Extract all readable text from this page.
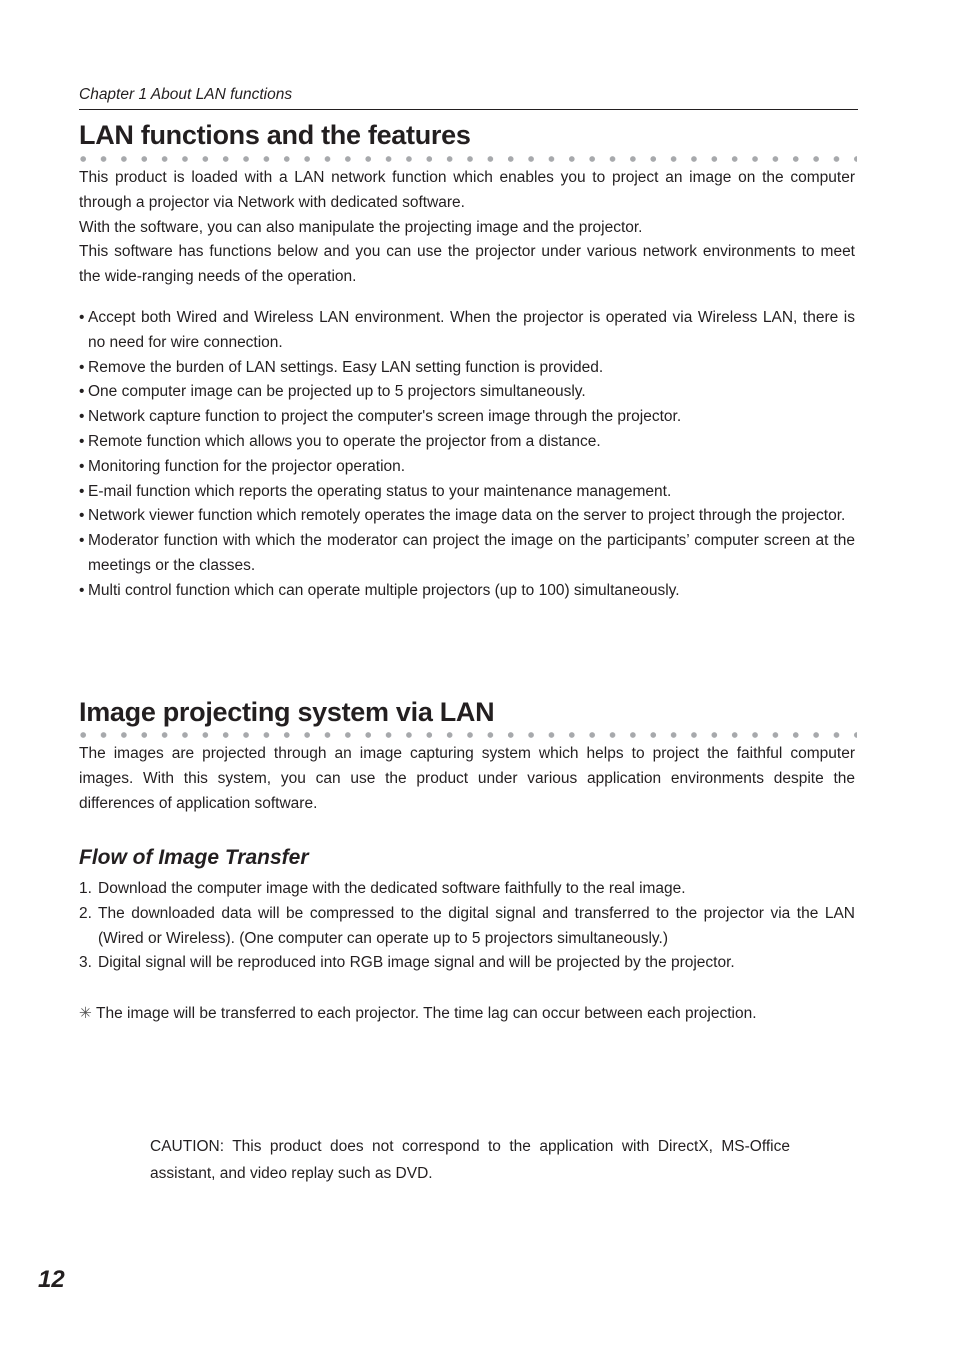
Chapter 1 About LAN functions
LAN functions and the features

This product is loaded with a LAN network function which enables you to project an image on the computer through a projector via Network with dedicated software.

With the software, you can also manipulate the projecting image and the projector.

This software has functions below and you can use the projector under various network environments to meet the wide-ranging needs of the operation.

• Accept both Wired and Wireless LAN environment. When the projector is operated via Wireless LAN, there is no need for wire connection.
• Remove the burden of LAN settings. Easy LAN setting function is provided.
• One computer image can be projected up to 5 projectors simultaneously.
• Network capture function to project the computer's screen image through the projector.
• Remote function which allows you to operate the projector from a distance.
• Monitoring function for the projector operation.
• E-mail function which reports the operating status to your maintenance management.
• Network viewer function which remotely operates the image data on the server to project through the projector.
• Moderator function with which the moderator can project the image on the participants’ computer screen at the meetings or the classes.
• Multi control function which can operate multiple projectors (up to 100) simultaneously.
Image projecting system via LAN

The images are projected through an image capturing system which helps to project the faithful computer images. With this system, you can use the product under various application environments despite the differences of application software.

Flow of Image Transfer
1. Download the computer image with the dedicated software faithfully to the real image.
2. The downloaded data will be compressed to the digital signal and transferred to the projector via the LAN (Wired or Wireless). (One computer can operate up to 5 projectors simultaneously.)
3. Digital signal will be reproduced into RGB image signal and will be projected by the projector.
✳ The image will be transferred to each projector. The time lag can occur between each projection.
CAUTION: This product does not correspond to the application with DirectX, MS-Office assistant, and video replay such as DVD.
12
